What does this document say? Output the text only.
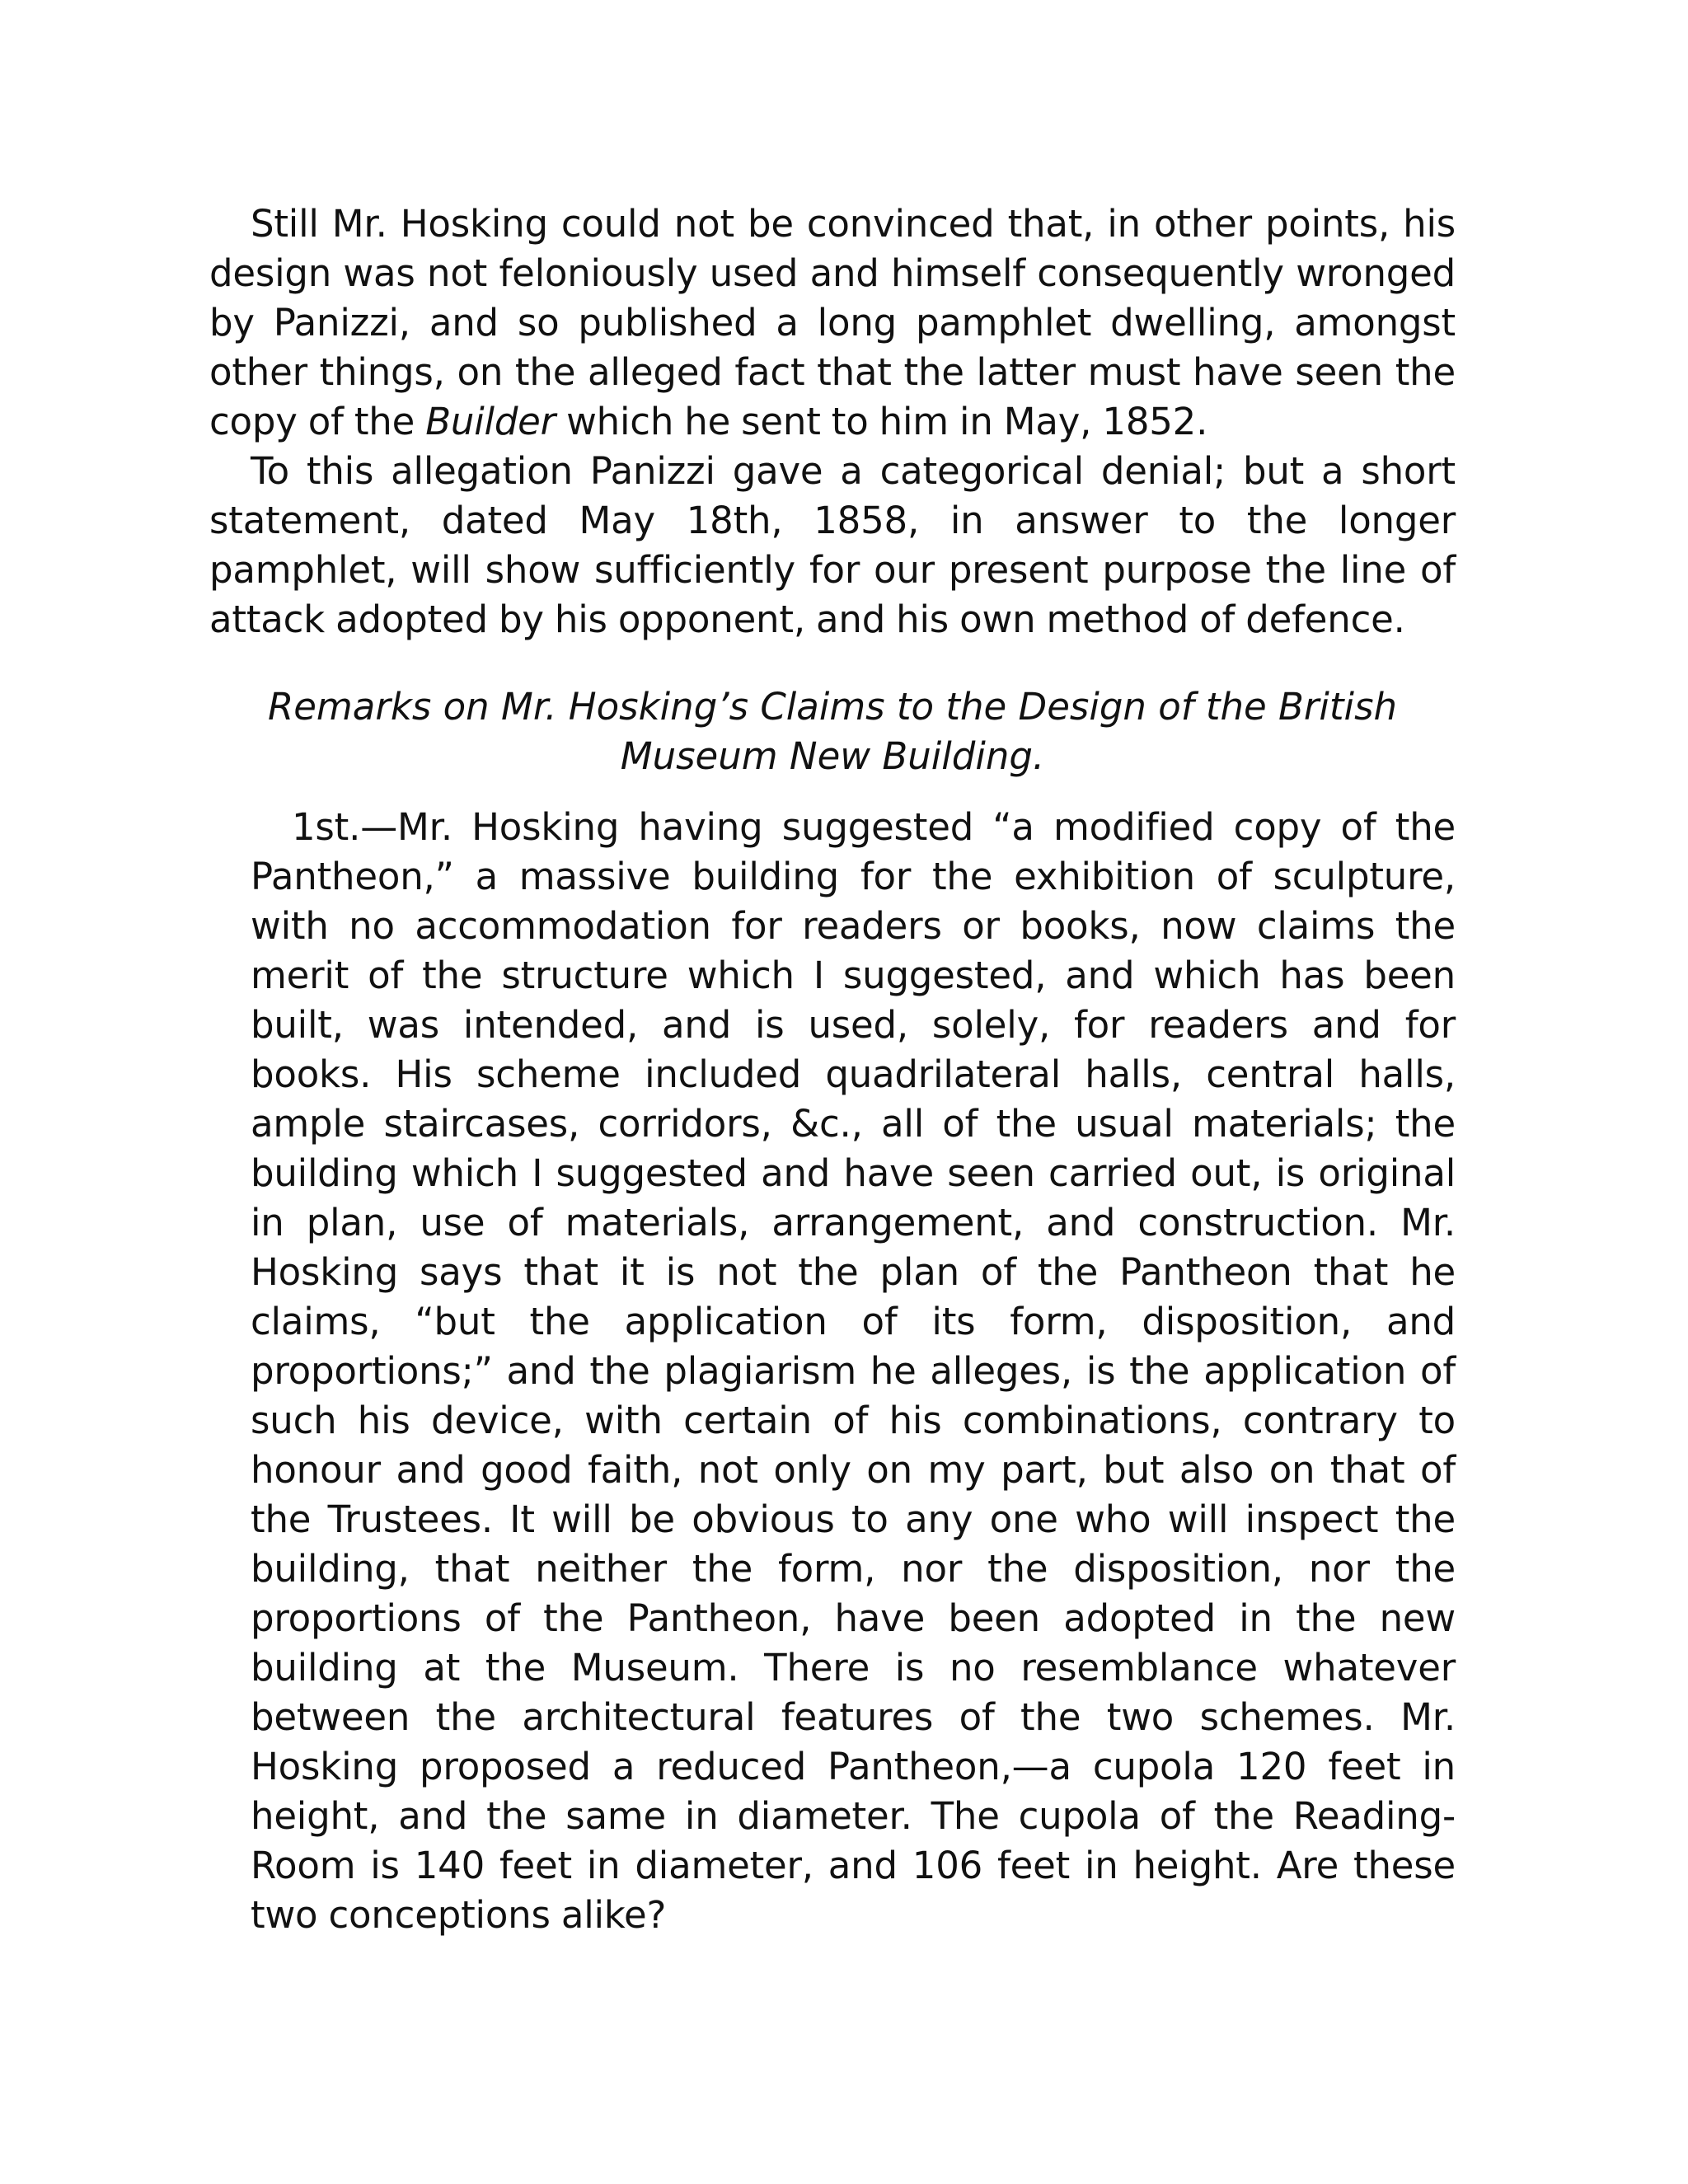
Still Mr. Hosking could not be convinced that, in other points, his design was not feloniously used and himself consequently wronged by Panizzi, and so published a long pamphlet dwelling, amongst other things, on the alleged fact that the latter must have seen the copy of the Builder which he sent to him in May, 1852.

To this allegation Panizzi gave a categorical denial; but a short statement, dated May 18th, 1858, in answer to the longer pamphlet, will show sufficiently for our present purpose the line of attack adopted by his opponent, and his own method of defence.

Remarks on Mr. Hosking’s Claims to the Design of the British
Museum New Building.

1st.—Mr. Hosking having suggested “a modified copy of the Pantheon,” a massive building for the exhibition of sculpture, with no accommodation for readers or books, now claims the merit of the structure which I suggested, and which has been built, was intended, and is used, solely, for readers and for books. His scheme included quadrilateral halls, central halls, ample staircases, corridors, &c., all of the usual materials; the building which I suggested and have seen carried out, is original in plan, use of materials, arrangement, and construction. Mr. Hosking says that it is not the plan of the Pantheon that he claims, “but the application of its form, disposition, and proportions;” and the plagiarism he alleges, is the application of such his device, with certain of his combinations, contrary to honour and good faith, not only on my part, but also on that of the Trustees. It will be obvious to any one who will inspect the building, that neither the form, nor the disposition, nor the proportions of the Pantheon, have been adopted in the new building at the Museum. There is no resemblance whatever between the architectural features of the two schemes. Mr. Hosking proposed a reduced Pantheon,—a cupola 120 feet in height, and the same in diameter. The cupola of the Reading-Room is 140 feet in diameter, and 106 feet in height. Are these two conceptions alike?
